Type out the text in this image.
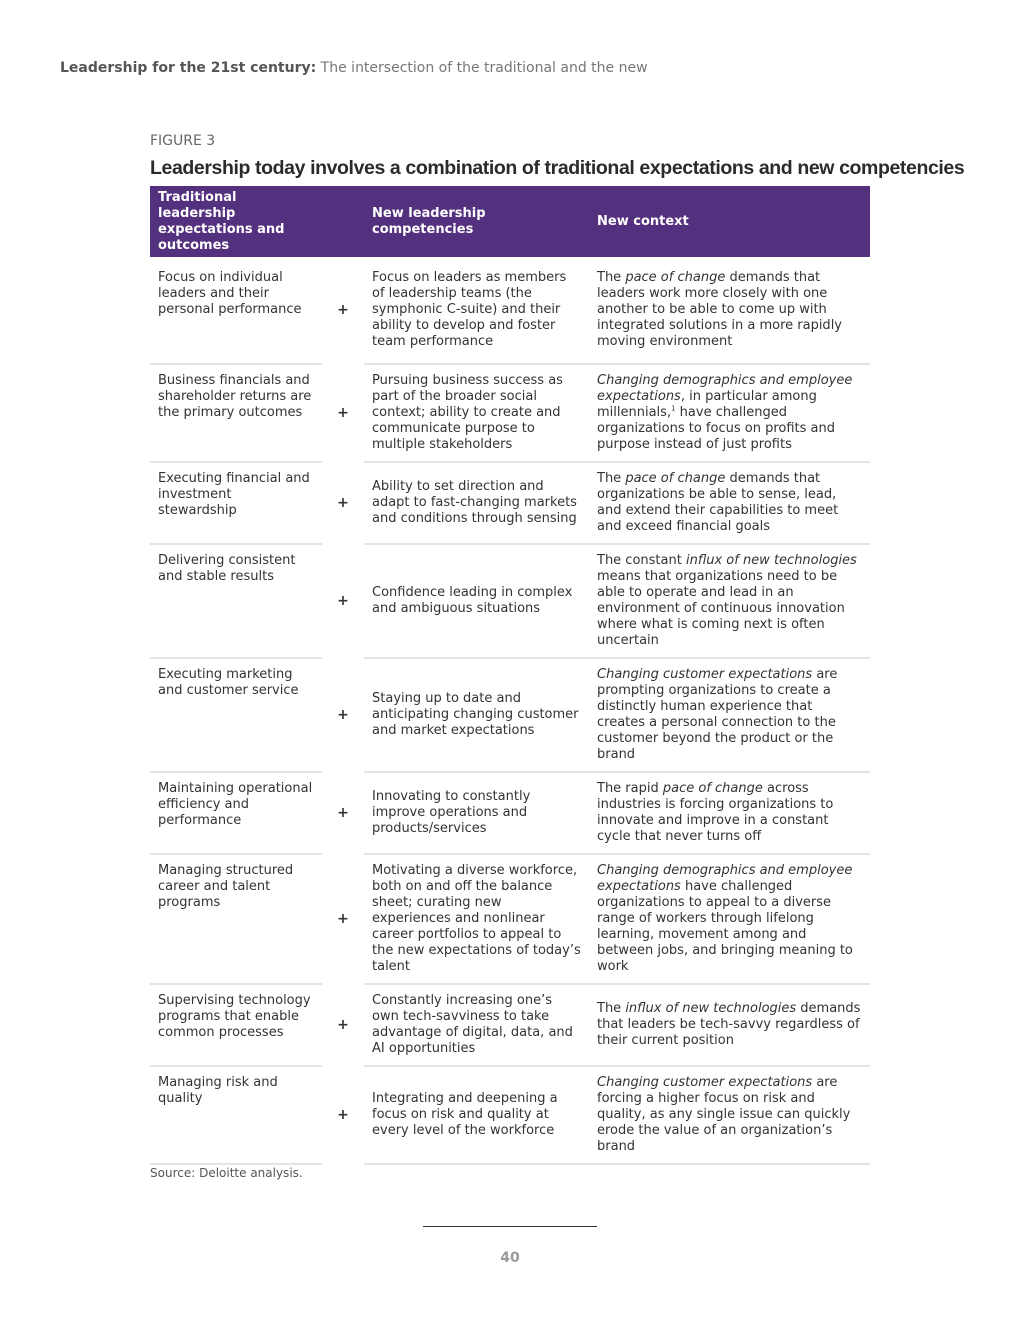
Leadership for the 21st century: The intersection of the traditional and the new
FIGURE 3
Leadership today involves a combination of traditional expectations and new competencies
Traditional leadership expectations and outcomes		New leadership competencies	New context
Focus on individual leaders and their personal performance	+	Focus on leaders as members of leadership teams (the symphonic C-suite) and their ability to develop and foster team performance	The pace of change demands that leaders work more closely with one another to be able to come up with integrated solutions in a more rapidly moving environment
Business financials and shareholder returns are the primary outcomes	+	Pursuing business success as part of the broader social context; ability to create and communicate purpose to multiple stakeholders	Changing demographics and employee expectations, in particular among millennials,$^1$ have challenged organizations to focus on profits and purpose instead of just profits
Executing financial and investment stewardship	+	Ability to set direction and adapt to fast-changing markets and conditions through sensing	The pace of change demands that organizations be able to sense, lead, and extend their capabilities to meet and exceed financial goals
Delivering consistent and stable results	+	Confidence leading in complex and ambiguous situations	The constant influx of new technologies means that organizations need to be able to operate and lead in an environment of continuous innovation where what is coming next is often uncertain
Executing marketing and customer service	+	Staying up to date and anticipating changing customer and market expectations	Changing customer expectations are prompting organizations to create a distinctly human experience that creates a personal connection to the customer beyond the product or the brand
Maintaining operational efficiency and performance	+	Innovating to constantly improve operations and products/services	The rapid pace of change across industries is forcing organizations to innovate and improve in a constant cycle that never turns off
Managing structured career and talent programs	+	Motivating a diverse workforce, both on and off the balance sheet; curating new experiences and nonlinear career portfolios to appeal to the new expectations of today’s talent	Changing demographics and employee expectations have challenged organizations to appeal to a diverse range of workers through lifelong learning, movement among and between jobs, and bringing meaning to work
Supervising technology programs that enable common processes	+	Constantly increasing one’s own tech-savviness to take advantage of digital, data, and AI opportunities	The influx of new technologies demands that leaders be tech-savvy regardless of their current position
Managing risk and quality	+	Integrating and deepening a focus on risk and quality at every level of the workforce	Changing customer expectations are forcing a higher focus on risk and quality, as any single issue can quickly erode the value of an organization’s brand
Source: Deloitte analysis.
40
